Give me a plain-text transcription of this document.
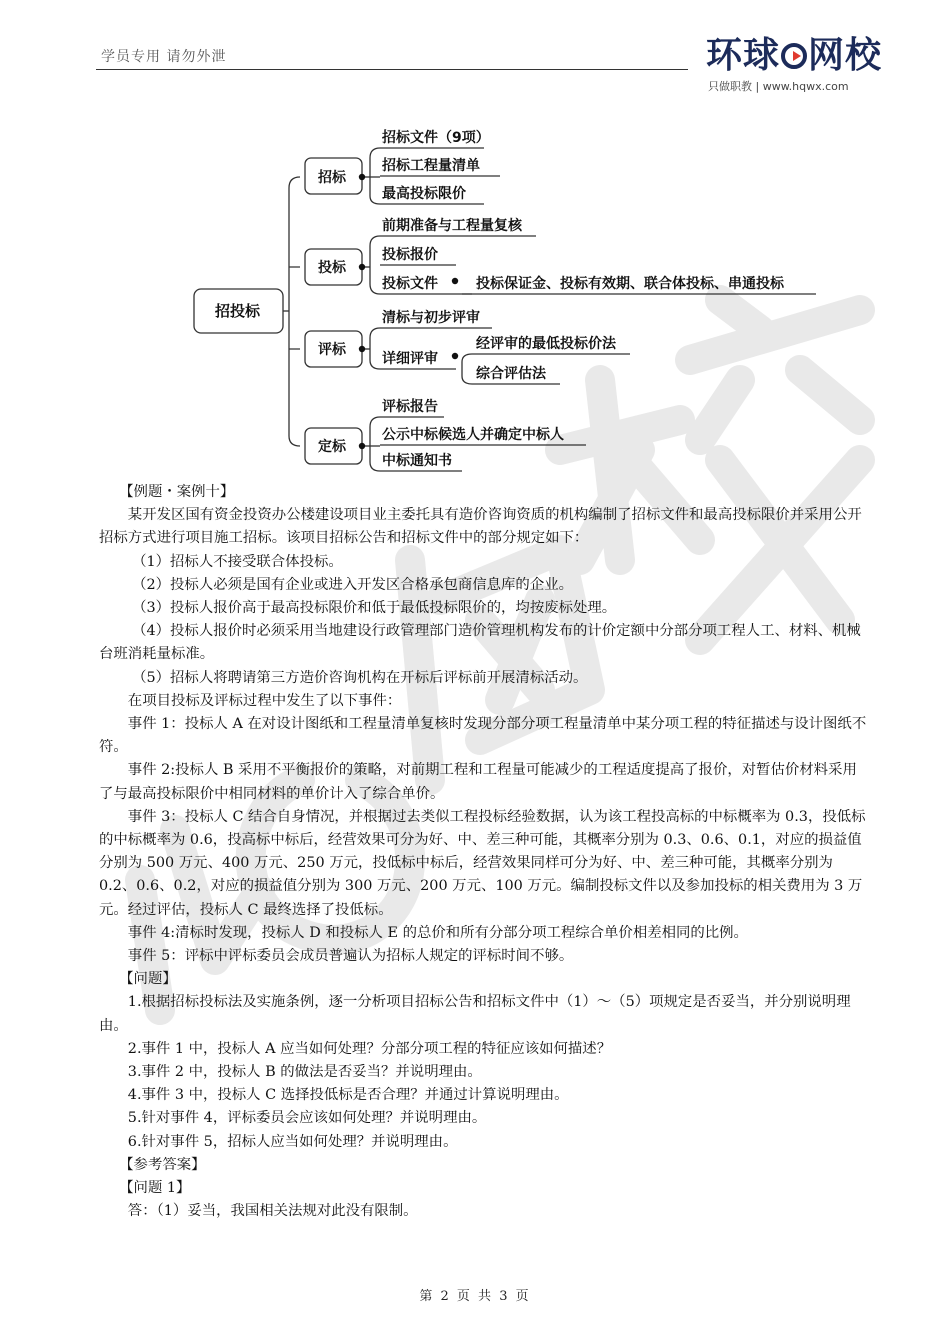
学员专用 请勿外泄	环球 网校
只做职教 | www.hqwx.com
招投标
招标
投标
评标
定标
招标文件（9项）
招标工程量清单
最高投标限价
前期准备与工程量复核
投标报价
投标文件	投标保证金、投标有效期、联合体投标、串通投标
清标与初步评审
详细评审
经评审的最低投标价法
综合评估法
评标报告
公示中标候选人并确定中标人
中标通知书

【例题・案例十】

某开发区国有资金投资办公楼建设项目业主委托具有造价咨询资质的机构编制了招标文件和最高投标限价并采用公开招标方式进行项目施工招标。该项目招标公告和招标文件中的部分规定如下：

（1）招标人不接受联合体投标。

（2）投标人必须是国有企业或进入开发区合格承包商信息库的企业。

（3）投标人报价高于最高投标限价和低于最低投标限价的，均按废标处理。

（4）投标人报价时必须采用当地建设行政管理部门造价管理机构发布的计价定额中分部分项工程人工、材料、机械台班消耗量标准。

（5）招标人将聘请第三方造价咨询机构在开标后评标前开展清标活动。

在项目投标及评标过程中发生了以下事件：

事件 1：投标人 A 在对设计图纸和工程量清单复核时发现分部分项工程量清单中某分项工程的特征描述与设计图纸不符。

事件 2:投标人 B 采用不平衡报价的策略，对前期工程和工程量可能减少的工程适度提高了报价，对暂估价材料采用了与最高投标限价中相同材料的单价计入了综合单价。

事件 3：投标人 C 结合自身情况，并根据过去类似工程投标经验数据，认为该工程投高标的中标概率为 0.3，投低标的中标概率为 0.6，投高标中标后，经营效果可分为好、中、差三种可能，其概率分别为 0.3、0.6、0.1，对应的损益值分别为 500 万元、400 万元、250 万元，投低标中标后，经营效果同样可分为好、中、差三种可能，其概率分别为 0.2、0.6、0.2，对应的损益值分别为 300 万元、200 万元、100 万元。编制投标文件以及参加投标的相关费用为 3 万元。经过评估，投标人 C 最终选择了投低标。

事件 4:清标时发现，投标人 D 和投标人 E 的总价和所有分部分项工程综合单价相差相同的比例。

事件 5：评标中评标委员会成员普遍认为招标人规定的评标时间不够。

【问题】

1.根据招标投标法及实施条例，逐一分析项目招标公告和招标文件中（1）～（5）项规定是否妥当，并分别说明理由。

2.事件 1 中，投标人 A 应当如何处理？分部分项工程的特征应该如何描述？

3.事件 2 中，投标人 B 的做法是否妥当？并说明理由。

4.事件 3 中，投标人 C 选择投低标是否合理？并通过计算说明理由。

5.针对事件 4，评标委员会应该如何处理？并说明理由。

6.针对事件 5，招标人应当如何处理？并说明理由。

【参考答案】

【问题 1】

答：（1）妥当，我国相关法规对此没有限制。

第 2 页 共 3 页
